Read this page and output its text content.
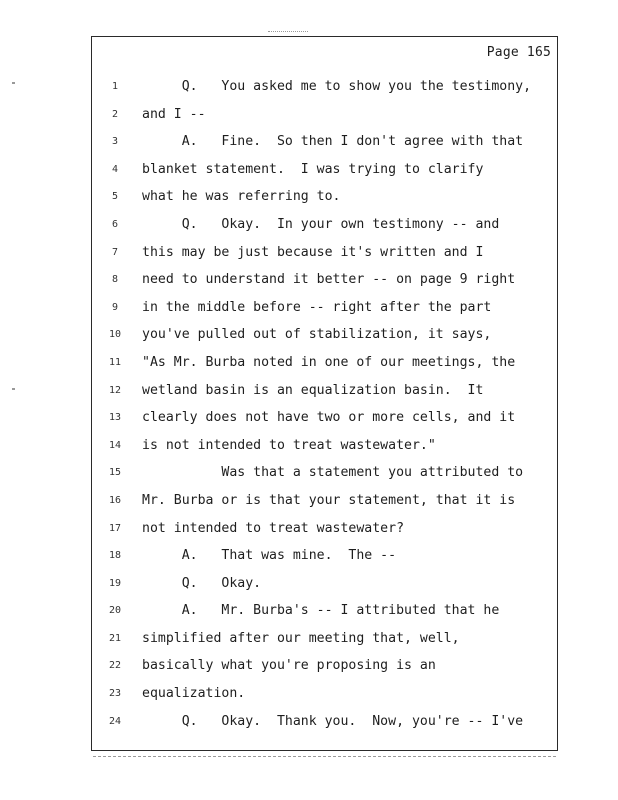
Page 165
1
2
3
4
5
6
7
8
9
10
11
12
13
14
15
16
17
18
19
20
21
22
23
24
Q.   You asked me to show you the testimony,
and I --
A.   Fine.  So then I don't agree with that
blanket statement.  I was trying to clarify
what he was referring to.
Q.   Okay.  In your own testimony -- and
this may be just because it's written and I
need to understand it better -- on page 9 right
in the middle before -- right after the part
you've pulled out of stabilization, it says,
"As Mr. Burba noted in one of our meetings, the
wetland basin is an equalization basin.  It
clearly does not have two or more cells, and it
is not intended to treat wastewater."
Was that a statement you attributed to
Mr. Burba or is that your statement, that it is
not intended to treat wastewater?
A.   That was mine.  The --
Q.   Okay.
A.   Mr. Burba's -- I attributed that he
simplified after our meeting that, well,
basically what you're proposing is an
equalization.
Q.   Okay.  Thank you.  Now, you're -- I've
